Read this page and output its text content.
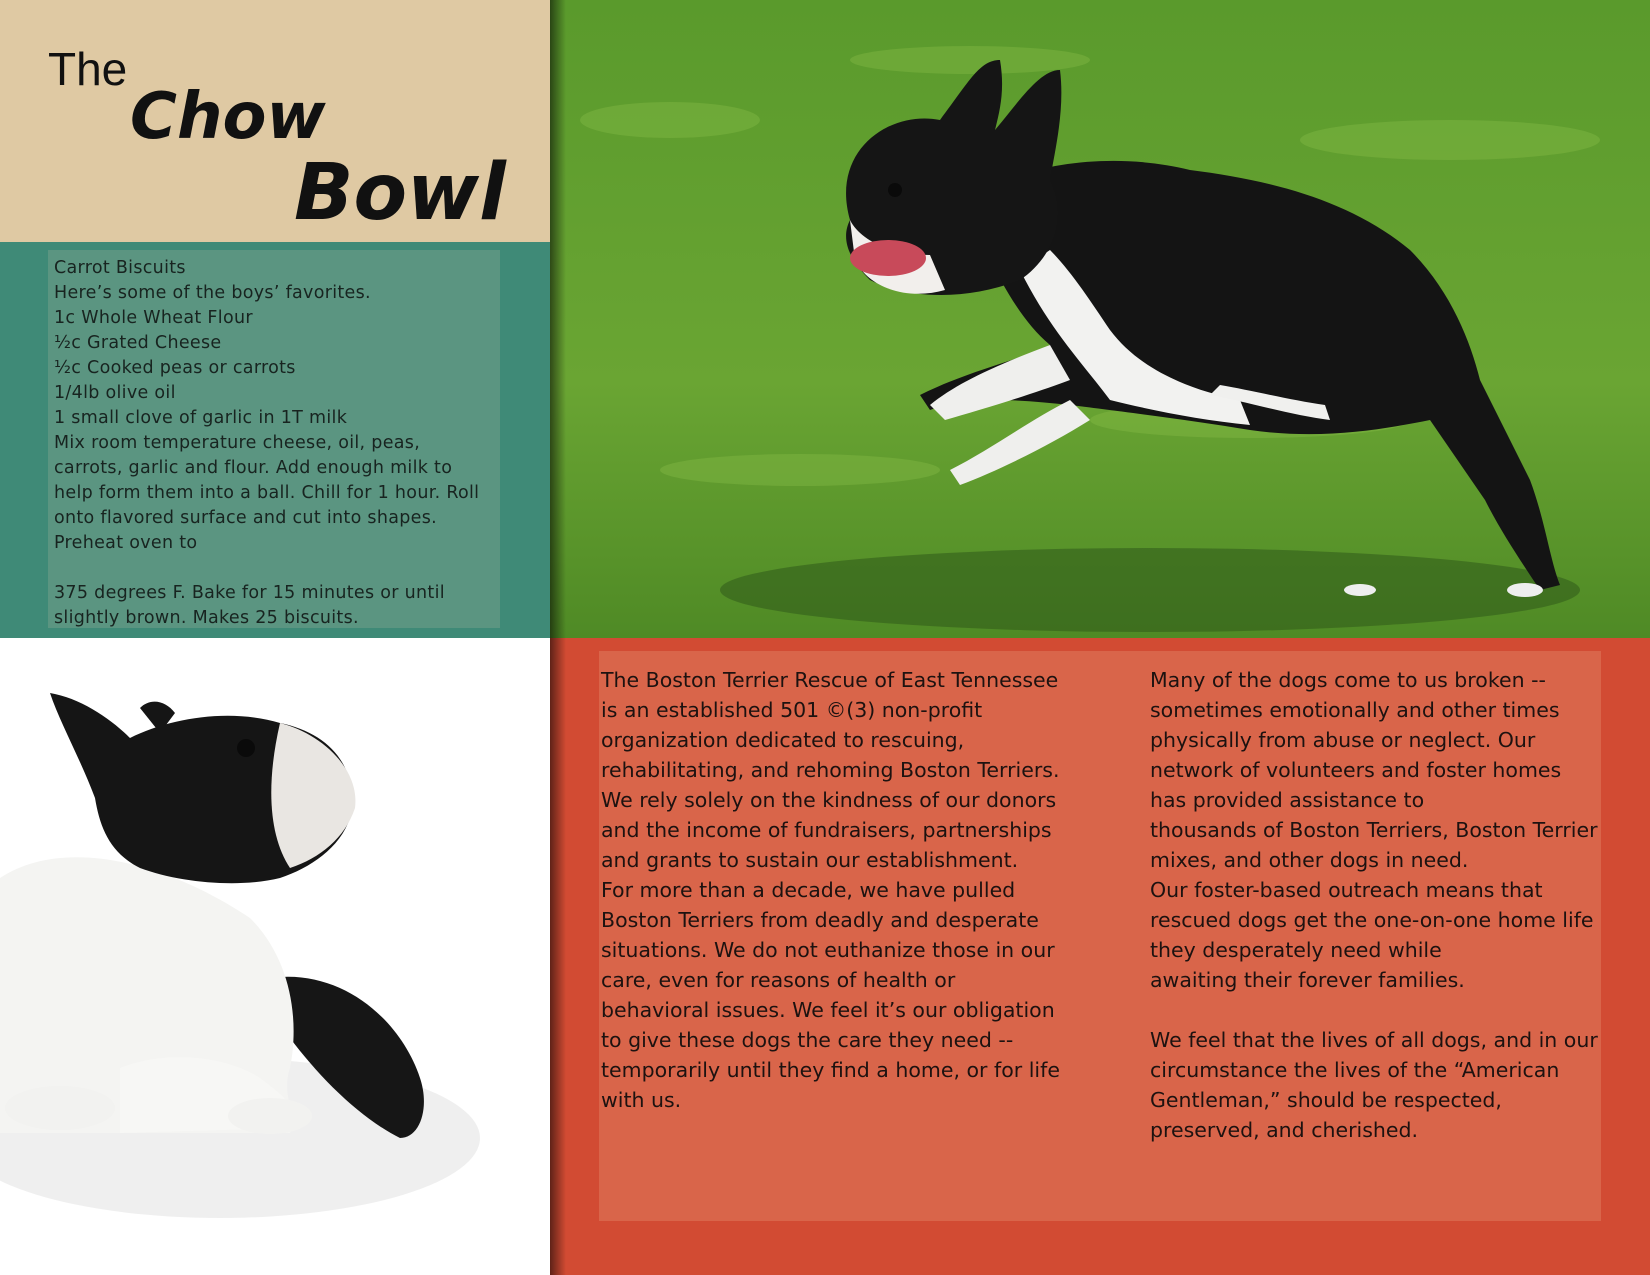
The
Chow
Bowl
Carrot Biscuits
Here’s some of the boys’ favorites.
1c Whole Wheat Flour
½c Grated Cheese
½c Cooked peas or carrots
1/4lb olive oil
1 small clove of garlic in 1T milk
Mix room temperature cheese, oil, peas, carrots, garlic and flour. Add enough milk to help form them into a ball. Chill for 1 hour. Roll onto flavored surface and cut into shapes. Preheat oven to

375 degrees F. Bake for 15 minutes or until slightly brown. Makes 25 biscuits.
The Boston Terrier Rescue of East Tennessee is an established 501 ©(3) non-profit organization dedicated to rescuing, rehabilitating, and rehoming Boston Terriers. We rely solely on the kindness of our donors and the income of fundraisers, partnerships and grants to sustain our establishment.
For more than a decade, we have pulled Boston Terriers from deadly and desperate situations. We do not euthanize those in our care, even for reasons of health or behavioral issues. We feel it’s our obligation to give these dogs the care they need -- temporarily until they find a home, or for life with us.
Many of the dogs come to us broken -- sometimes emotionally and other times physically from abuse or neglect. Our network of volunteers and foster homes has provided assistance to
thousands of Boston Terriers, Boston Terrier mixes, and other dogs in need.
Our foster-based outreach means that rescued dogs get the one-on-one home life they desperately need while
awaiting their forever families.

We feel that the lives of all dogs, and in our circumstance the lives of the “American Gentleman,” should be respected, preserved, and cherished.
